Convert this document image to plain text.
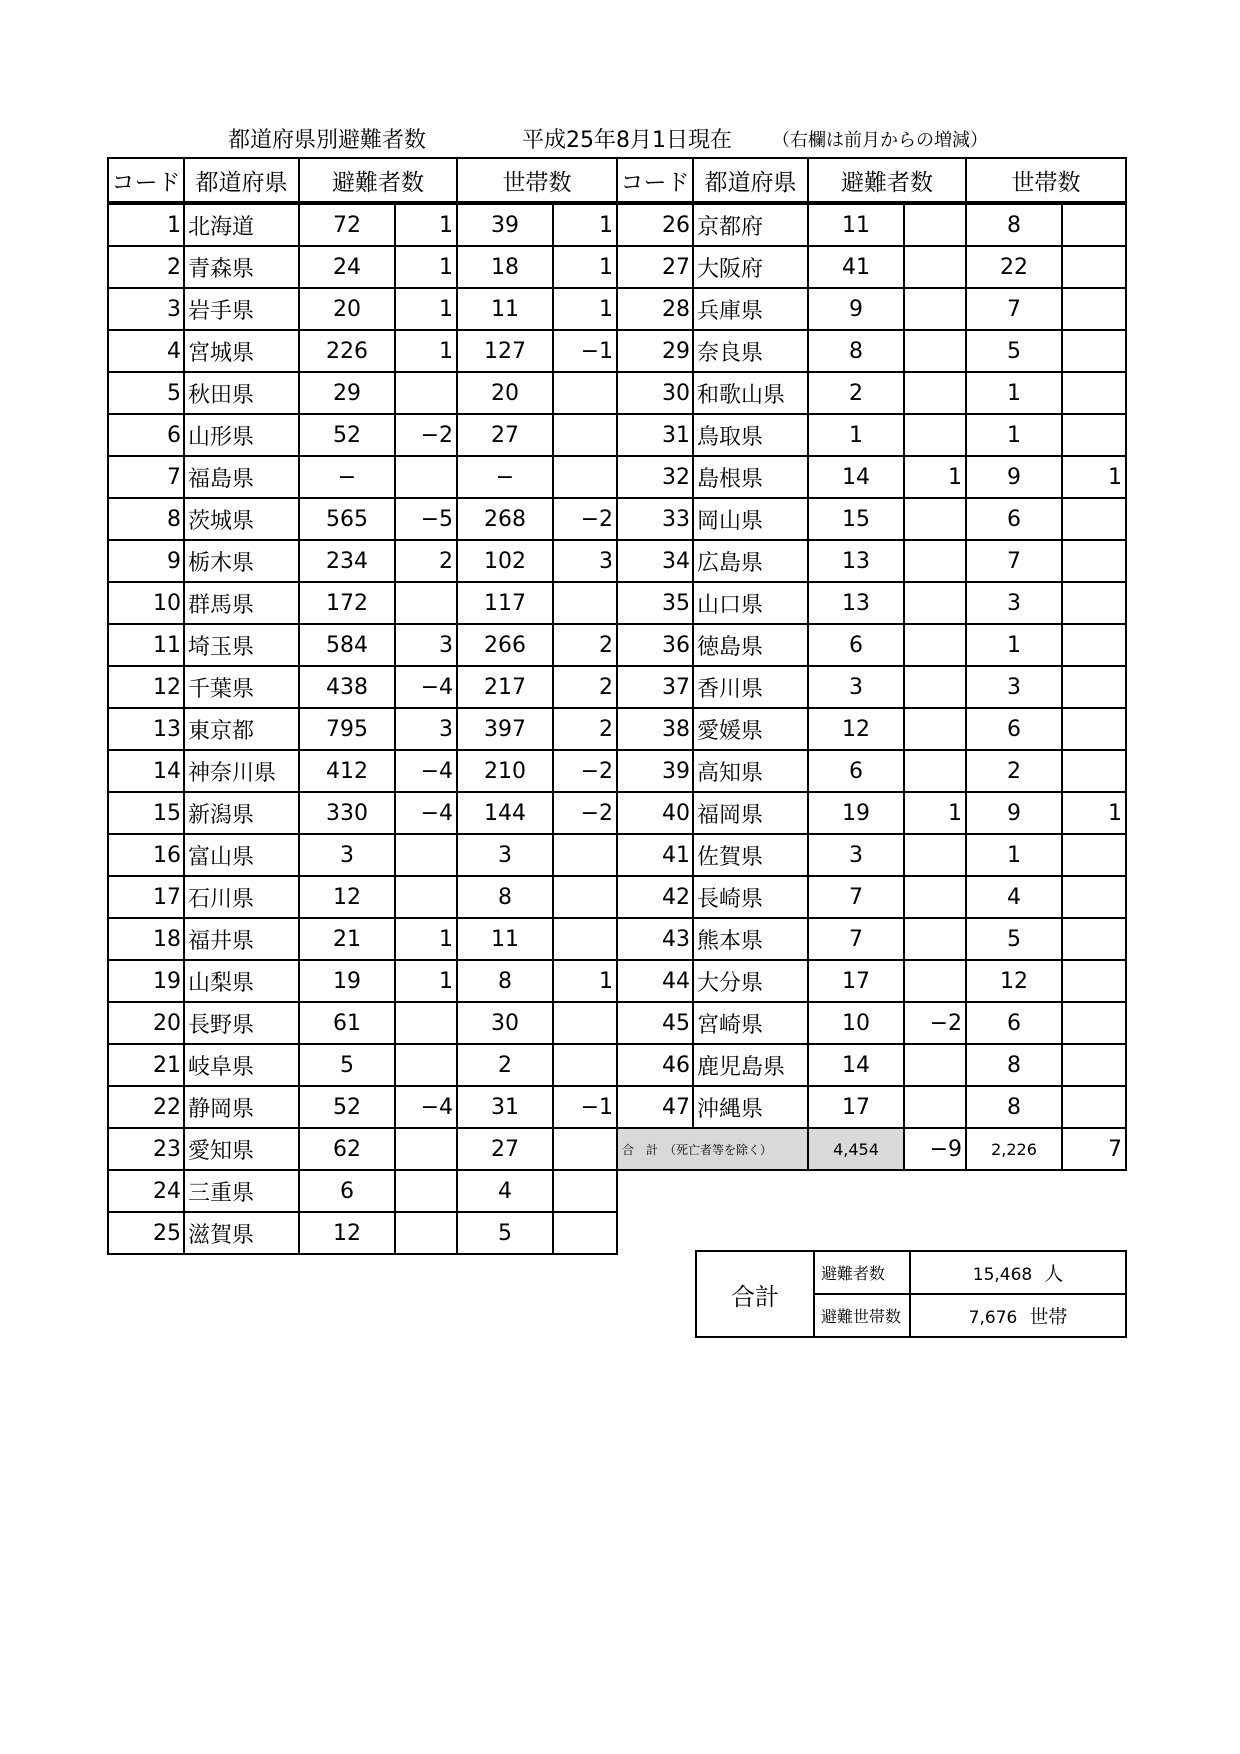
都道府県別避難者数	平成25年8月1日現在 （右欄は前月からの増減）
コード	都道府県	避難者数		世帯数	
1	北海道	72	1	39	1
2	青森県	24	1	18	1
3	岩手県	20	1	11	1
4	宮城県	226	1	127	−1
5	秋田県	29		20	
6	山形県	52	−2	27	
7	福島県	−		−	
8	茨城県	565	−5	268	−2
9	栃木県	234	2	102	3
10	群馬県	172		117	
11	埼玉県	584	3	266	2
12	千葉県	438	−4	217	2
13	東京都	795	3	397	2
14	神奈川県	412	−4	210	−2
15	新潟県	330	−4	144	−2
16	富山県	3		3	
17	石川県	12		8	
18	福井県	21	1	11	
19	山梨県	19	1	8	1
20	長野県	61		30	
21	岐阜県	5		2	
22	静岡県	52	−4	31	−1
23	愛知県	62		27	
24	三重県	6		4	
25	滋賀県	12		5	
コード	都道府県	避難者数		世帯数	
26	京都府	11		8	
27	大阪府	41		22	
28	兵庫県	9		7	
29	奈良県	8		5	
30	和歌山県	2		1	
31	鳥取県	1		1	
32	島根県	14	1	9	1
33	岡山県	15		6	
34	広島県	13		7	
35	山口県	13		3	
36	徳島県	6		1	
37	香川県	3		3	
38	愛媛県	12		6	
39	高知県	6		2	
40	福岡県	19	1	9	1
41	佐賀県	3		1	
42	長崎県	7		4	
43	熊本県	7		5	
44	大分県	17		12	
45	宮崎県	10	−2	6	
46	鹿児島県	14		8	
47	沖縄県	17		8	
合　計　（死亡者等を除く）		4,454	−9	2,226	7
合計	避難者数	15,468 人
	避難世帯数	7,676 世帯
